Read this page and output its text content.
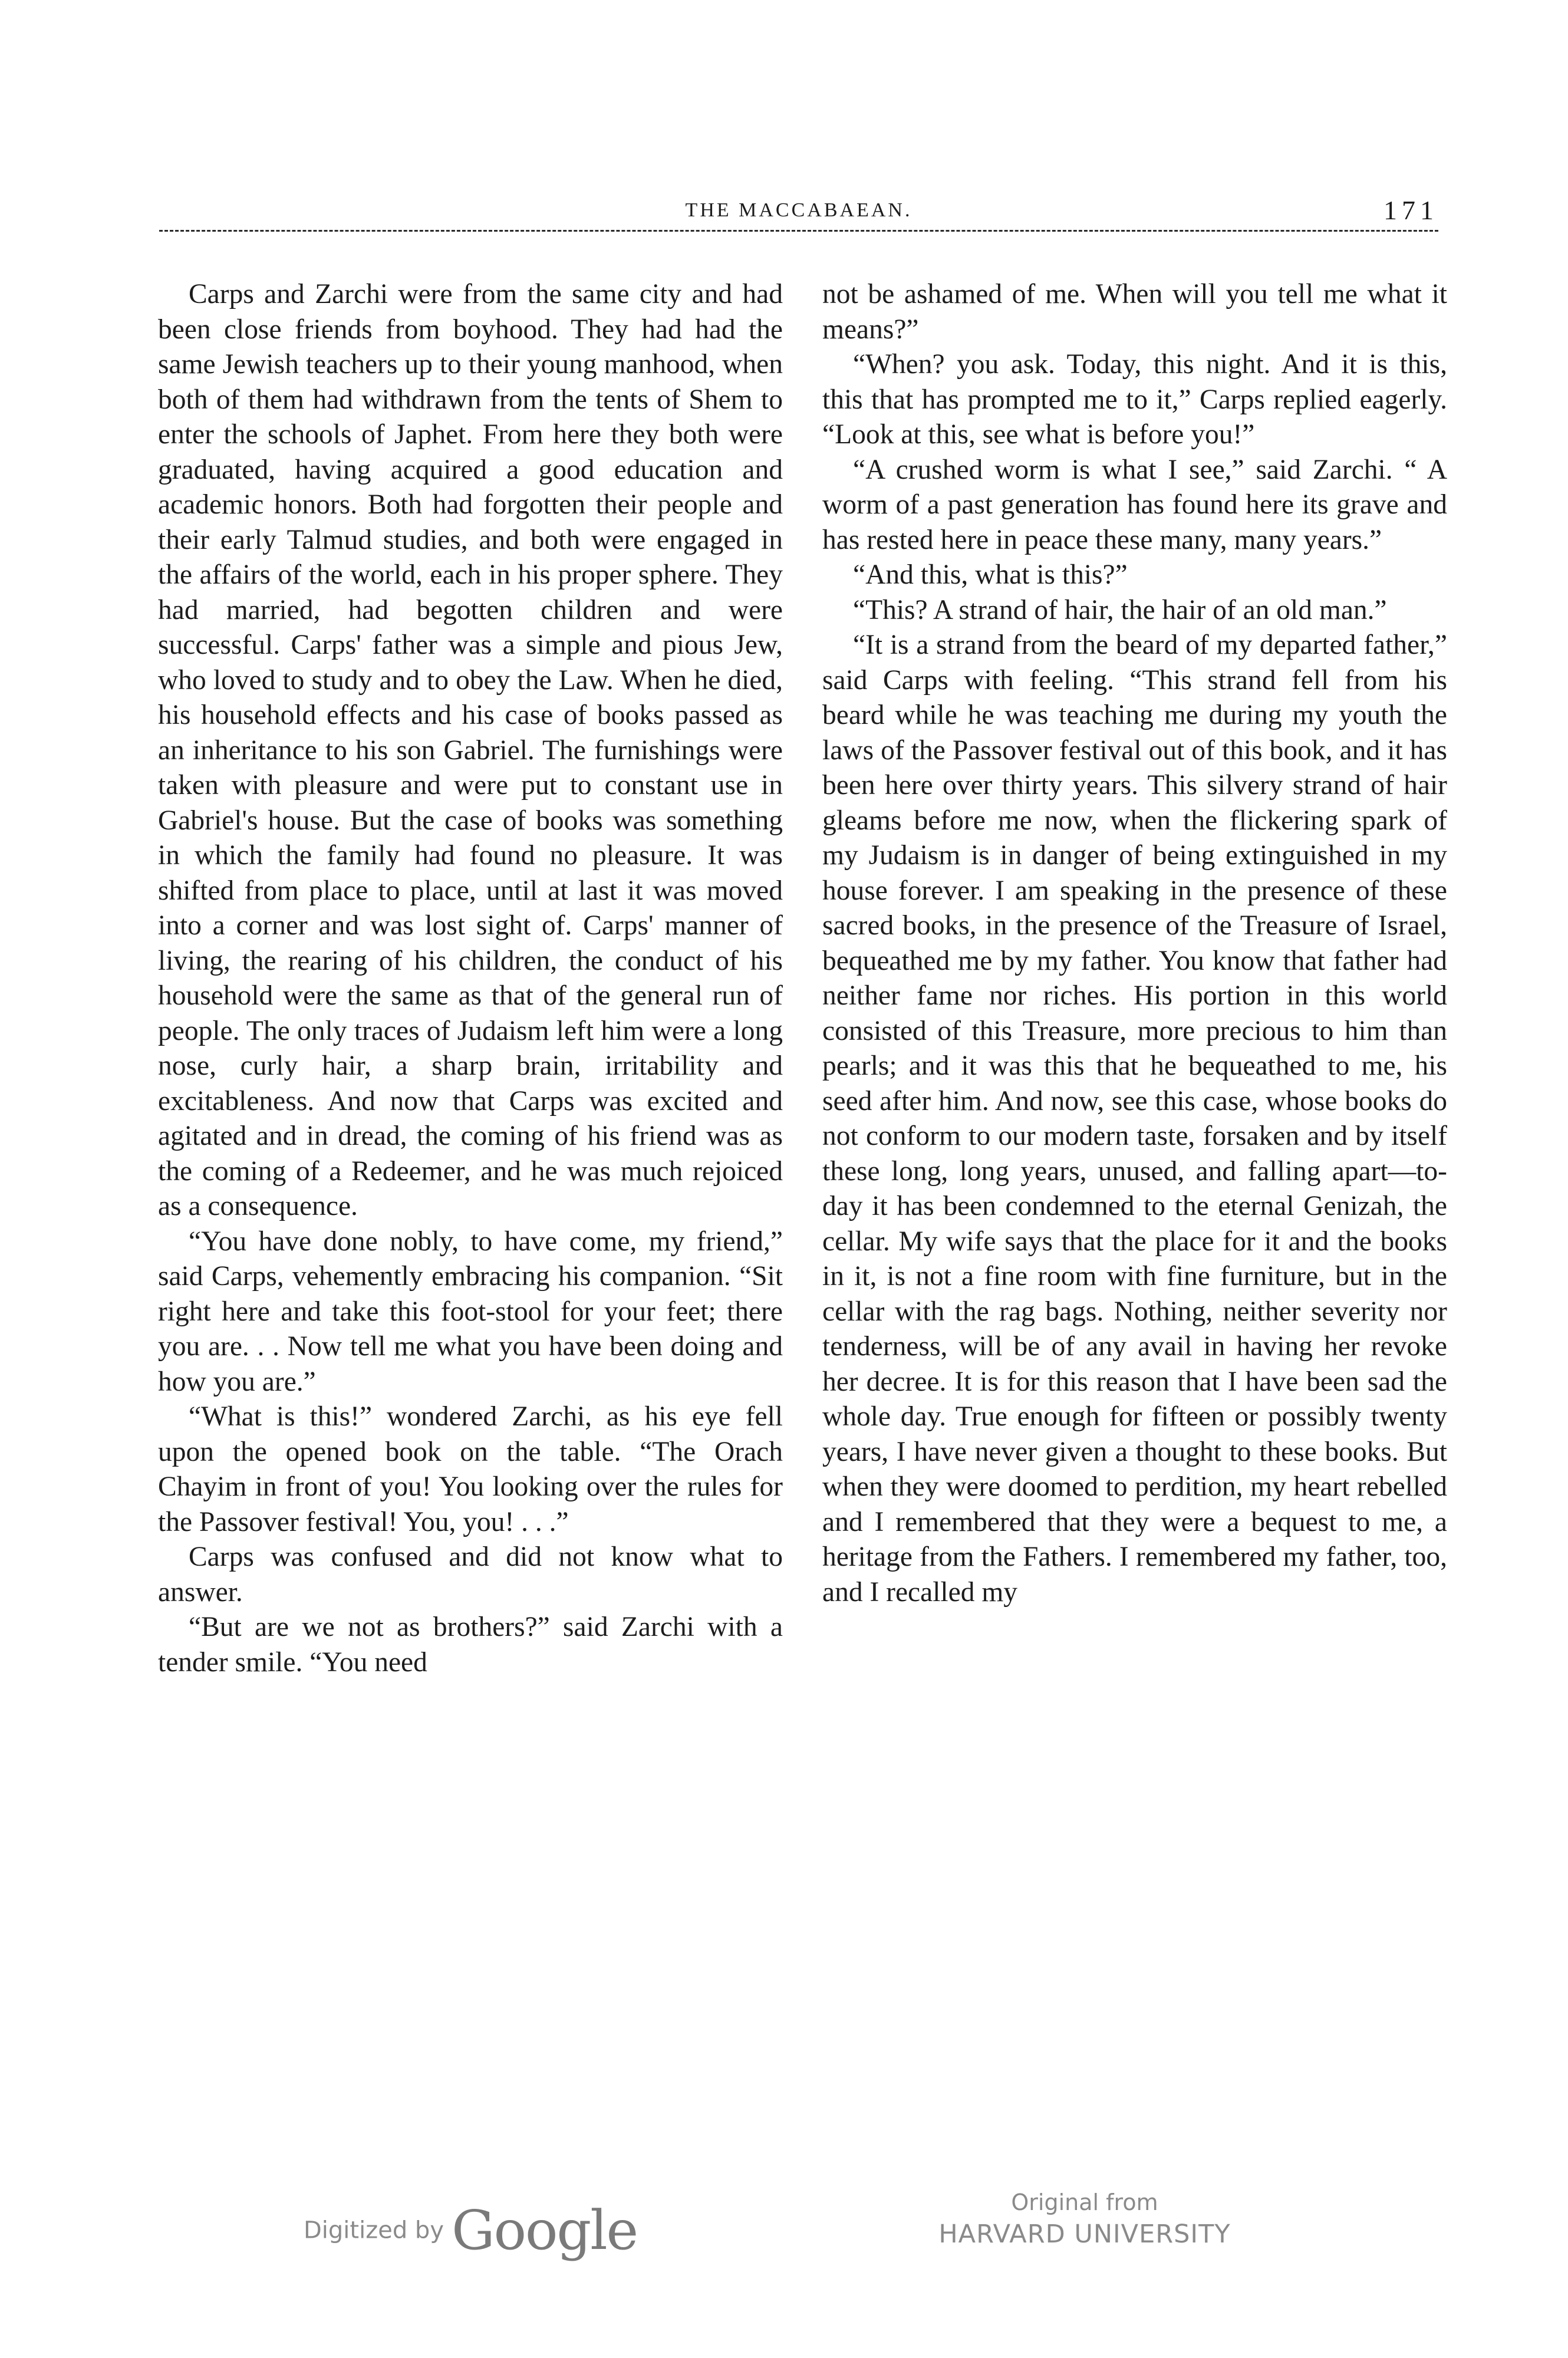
THE MACCABAEAN.	171

Carps and Zarchi were from the same city and had been close friends from boyhood. They had had the same Jewish teachers up to their young manhood, when both of them had withdrawn from the tents of Shem to enter the schools of Japhet. From here they both were graduated, having acquired a good education and academic honors. Both had forgotten their people and their early Talmud studies, and both were engaged in the affairs of the world, each in his proper sphere. They had married, had begotten children and were successful. Carps' father was a simple and pious Jew, who loved to study and to obey the Law. When he died, his household effects and his case of books passed as an inheritance to his son Gabriel. The furnishings were taken with pleasure and were put to constant use in Gabriel's house. But the case of books was something in which the family had found no pleasure. It was shifted from place to place, until at last it was moved into a corner and was lost sight of. Carps' manner of living, the rearing of his children, the conduct of his household were the same as that of the general run of people. The only traces of Judaism left him were a long nose, curly hair, a sharp brain, irritability and excitableness. And now that Carps was excited and agitated and in dread, the coming of his friend was as the coming of a Redeemer, and he was much rejoiced as a consequence.

“You have done nobly, to have come, my friend,” said Carps, vehemently embracing his companion. “Sit right here and take this foot-stool for your feet; there you are. . . Now tell me what you have been doing and how you are.”

“What is this!” wondered Zarchi, as his eye fell upon the opened book on the table. “The Orach Chayim in front of you! You looking over the rules for the Passover festival! You, you! . . .”

Carps was confused and did not know what to answer.

“But are we not as brothers?” said Zarchi with a tender smile. “You need

not be ashamed of me. When will you tell me what it means?”

“When? you ask. Today, this night. And it is this, this that has prompted me to it,” Carps replied eagerly. “Look at this, see what is before you!”

“A crushed worm is what I see,” said Zarchi. “ A worm of a past generation has found here its grave and has rested here in peace these many, many years.”

“And this, what is this?”

“This? A strand of hair, the hair of an old man.”

“It is a strand from the beard of my departed father,” said Carps with feeling. “This strand fell from his beard while he was teaching me during my youth the laws of the Passover festival out of this book, and it has been here over thirty years. This silvery strand of hair gleams before me now, when the flickering spark of my Judaism is in danger of being extinguished in my house forever. I am speaking in the presence of these sacred books, in the presence of the Treasure of Israel, bequeathed me by my father. You know that father had neither fame nor riches. His portion in this world consisted of this Treasure, more precious to him than pearls; and it was this that he bequeathed to me, his seed after him. And now, see this case, whose books do not conform to our modern taste, forsaken and by itself these long, long years, unused, and falling apart—to-day it has been condemned to the eternal Genizah, the cellar. My wife says that the place for it and the books in it, is not a fine room with fine furniture, but in the cellar with the rag bags. Nothing, neither severity nor tenderness, will be of any avail in having her revoke her decree. It is for this reason that I have been sad the whole day. True enough for fifteen or possibly twenty years, I have never given a thought to these books. But when they were doomed to perdition, my heart rebelled and I remembered that they were a bequest to me, a heritage from the Fathers. I remembered my father, too, and I recalled my

Digitized by Google	Original from
HARVARD UNIVERSITY
